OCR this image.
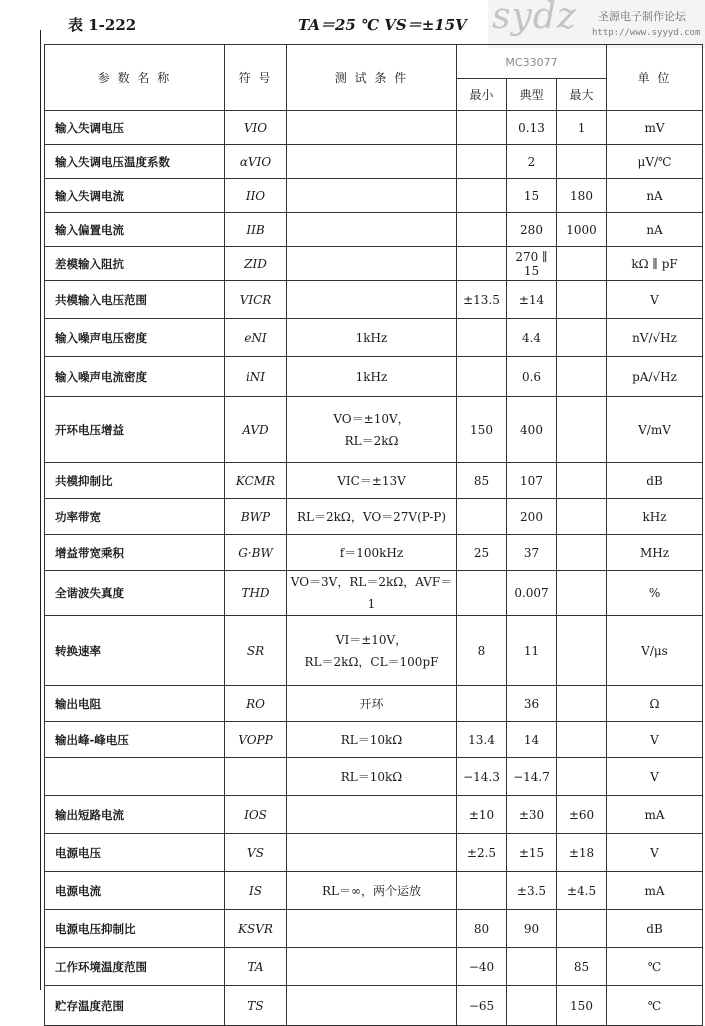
表 1-222	TA＝25 ℃ VS＝±15V sydz 圣源电子制作论坛
http://www.syyyd.com
参 数 名 称	符 号	测 试 条 件	MC33077			单 位
			最小	典型	最大	
输入失调电压	VIO			0.13	1	mV
输入失调电压温度系数	αVIO			2		μV/℃
输入失调电流	IIO			15	180	nA
输入偏置电流	IIB			280	1000	nA
差模输入阻抗	ZID			270 ∥ 15		kΩ ∥ pF
共模输入电压范围	VICR		±13.5	±14		V
输入噪声电压密度	eNI	1kHz		4.4		nV/√Hz
输入噪声电流密度	iNI	1kHz		0.6		pA/√Hz
开环电压增益	AVD	VO＝±10V，
RL＝2kΩ	150	400		V/mV
共模抑制比	KCMR	VIC＝±13V	85	107		dB
功率带宽	BWP	RL＝2kΩ，VO＝27V(P-P)		200		kHz
增益带宽乘积	G·BW	f＝100kHz	25	37		MHz
全谐波失真度	THD	VO＝3V，RL＝2kΩ，AVF＝1		0.007		%
转换速率	SR	VI＝±10V，
RL＝2kΩ，CL＝100pF	8	11		V/μs
输出电阻	RO	开环		36		Ω
输出峰-峰电压	VOPP	RL＝10kΩ	13.4	14		V
		RL＝10kΩ	−14.3	−14.7		V
输出短路电流	IOS		±10	±30	±60	mA
电源电压	VS		±2.5	±15	±18	V
电源电流	IS	RL＝∞，两个运放		±3.5	±4.5	mA
电源电压抑制比	KSVR		80	90		dB
工作环境温度范围	TA		−40		85	℃
贮存温度范围	TS		−65		150	℃
